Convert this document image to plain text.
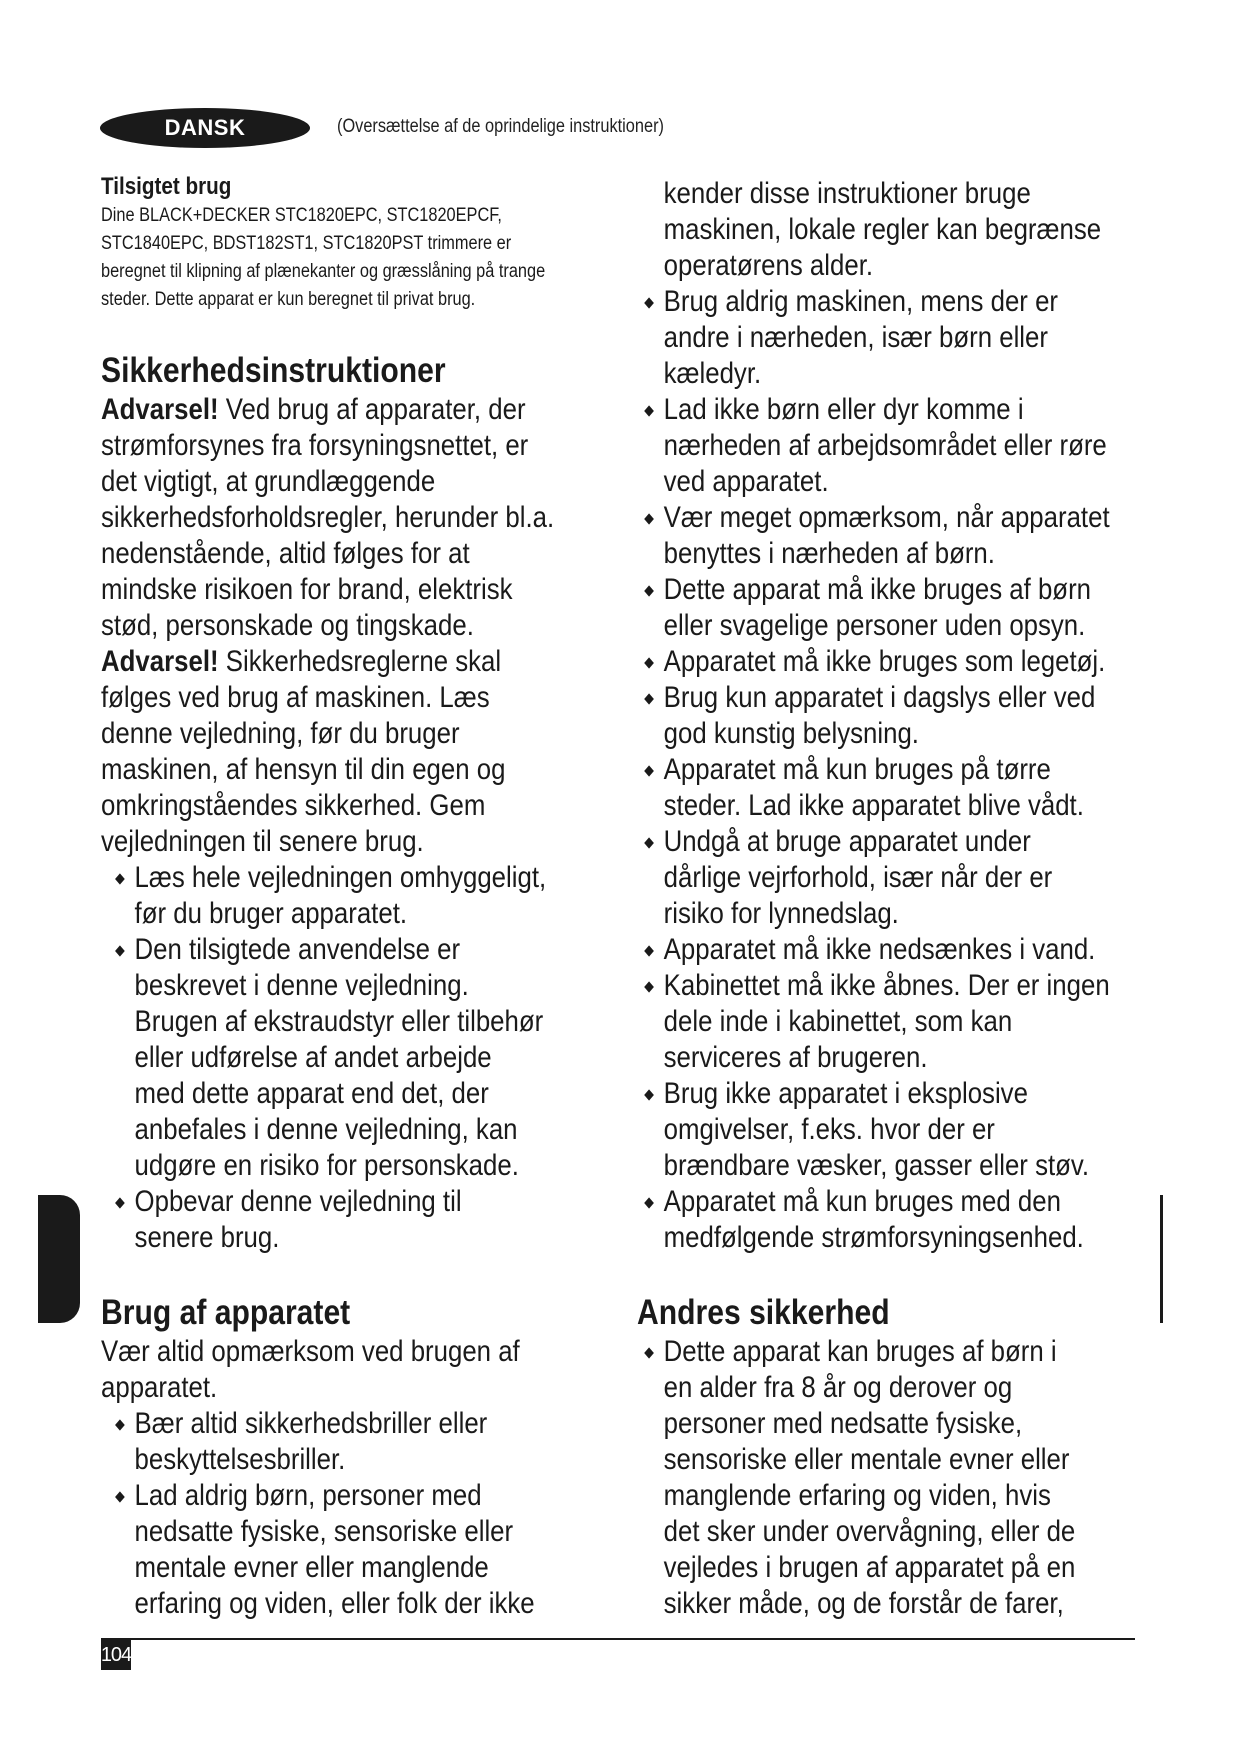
DANSK	(Oversættelse af de oprindelige instruktioner)
Tilsigtet brug

Dine BLACK+DECKER STC1820EPC, STC1820EPCF, STC1840EPC, BDST182ST1, STC1820PST trimmere er beregnet til klipning af plænekanter og græsslåning på trange steder. Dette apparat er kun beregnet til privat brug.

Sikkerhedsinstruktioner

Advarsel! Ved brug af apparater, der strømforsynes fra forsyningsnettet, er det vigtigt, at grundlæggende sikkerhedsforholdsregler, herunder bl.a. nedenstående, altid følges for at mindske risikoen for brand, elektrisk stød, personskade og tingskade.

Advarsel! Sikkerhedsreglerne skal følges ved brug af maskinen. Læs denne vejledning, før du bruger maskinen, af hensyn til din egen og omkringståendes sikkerhed. Gem vejledningen til senere brug.

Læs hele vejledningen omhyggeligt, før du bruger apparatet.
Den tilsigtede anvendelse er beskrevet i denne vejledning. Brugen af ekstraudstyr eller tilbehør eller udførelse af andet arbejde med dette apparat end det, der anbefales i denne vejledning, kan udgøre en risiko for personskade.
Opbevar denne vejledning til senere brug.
Brug af apparatet

Vær altid opmærksom ved brugen af apparatet.

Bær altid sikkerhedsbriller eller beskyttelsesbriller.
Lad aldrig børn, personer med nedsatte fysiske, sensoriske eller mentale evner eller manglende erfaring og viden, eller folk der ikke

kender disse instruktioner bruge maskinen, lokale regler kan begrænse operatørens alder.

Brug aldrig maskinen, mens der er andre i nærheden, især børn eller kæledyr.
Lad ikke børn eller dyr komme i nærheden af arbejdsområdet eller røre ved apparatet.
Vær meget opmærksom, når apparatet benyttes i nærheden af børn.
Dette apparat må ikke bruges af børn eller svagelige personer uden opsyn.
Apparatet må ikke bruges som legetøj.
Brug kun apparatet i dagslys eller ved god kunstig belysning.
Apparatet må kun bruges på tørre steder. Lad ikke apparatet blive vådt.
Undgå at bruge apparatet under dårlige vejrforhold, især når der er risiko for lynnedslag.
Apparatet må ikke nedsænkes i vand.
Kabinettet må ikke åbnes. Der er ingen dele inde i kabinettet, som kan serviceres af brugeren.
Brug ikke apparatet i eksplosive omgivelser, f.eks. hvor der er brændbare væsker, gasser eller støv.
Apparatet må kun bruges med den medfølgende strømforsyningsenhed.
Andres sikkerhed
Dette apparat kan bruges af børn i en alder fra 8 år og derover og personer med nedsatte fysiske, sensoriske eller mentale evner eller manglende erfaring og viden, hvis det sker under overvågning, eller de vejledes i brugen af apparatet på en sikker måde, og de forstår de farer,
104
